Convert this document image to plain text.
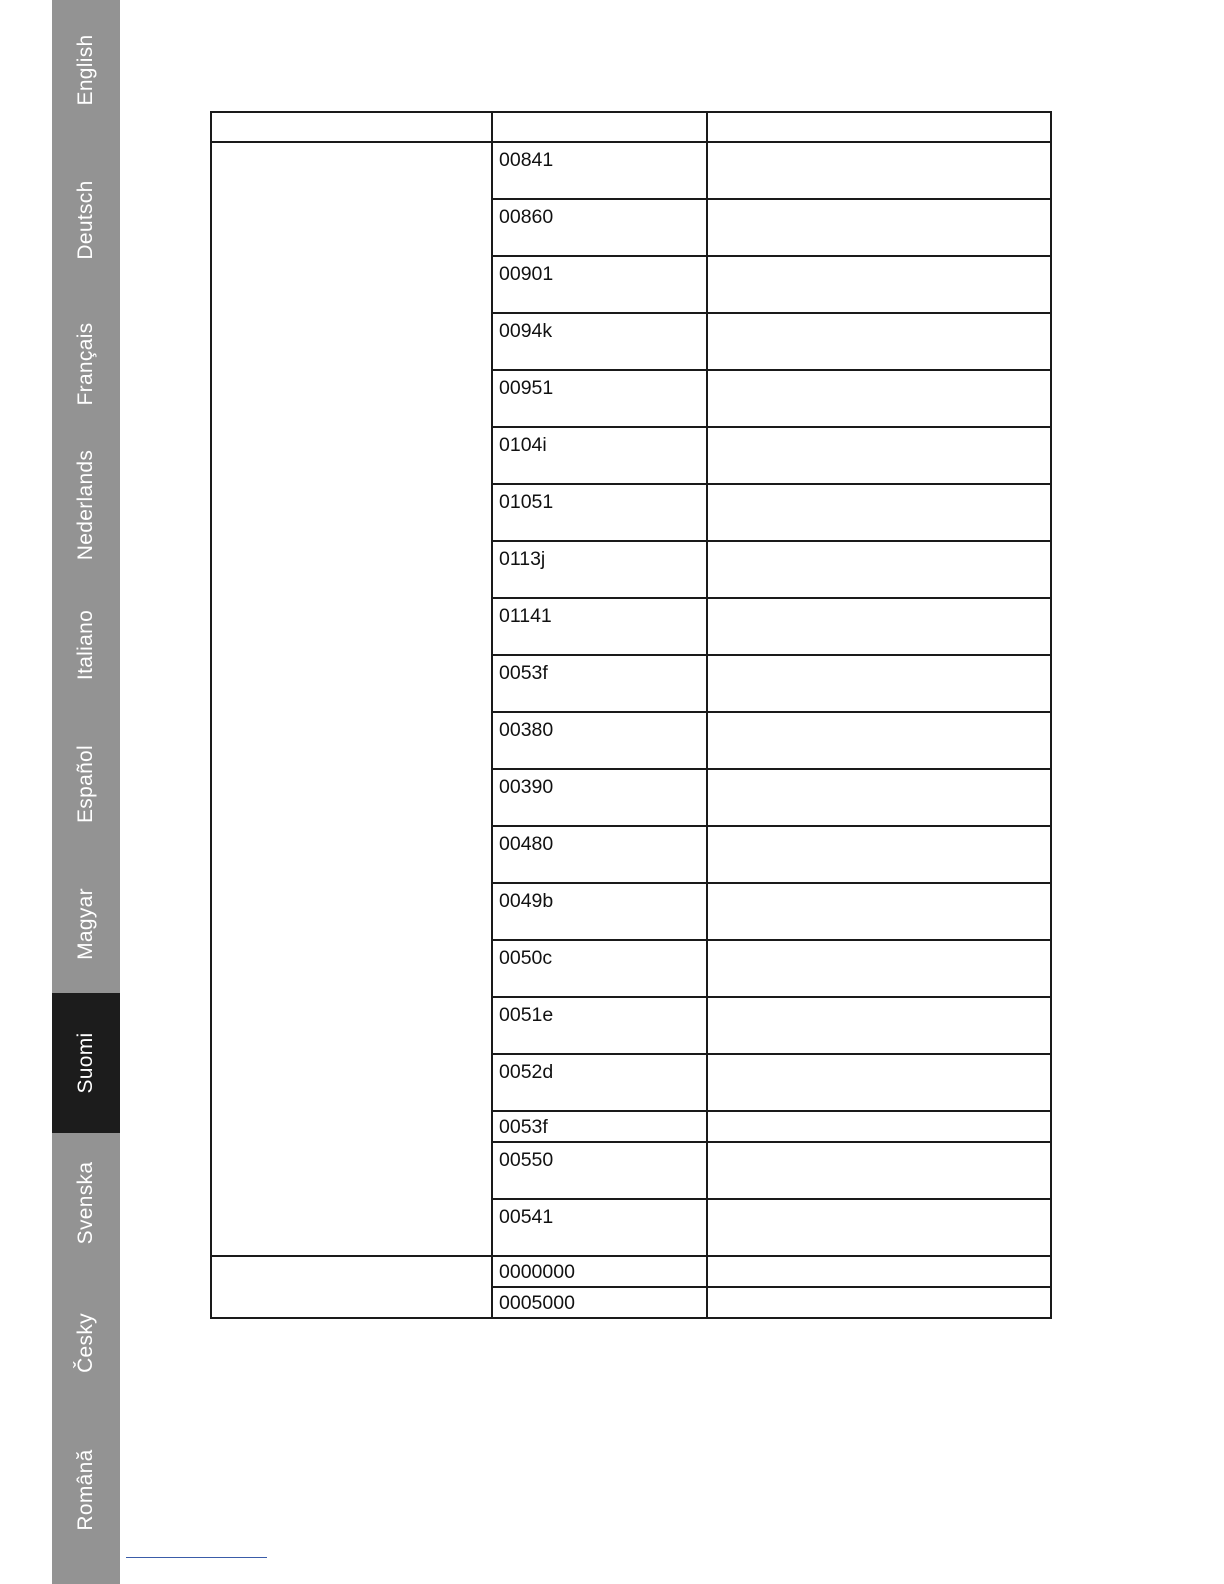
English
Deutsch
Français
Nederlands
Italiano
Español
Magyar
Suomi
Svenska
Česky
Română

	00841	

	00860	

	00901	

	0094k	

	00951	

	0104i	

	01051	

	0113j	

	01141	

	0053f	

	00380	

	00390	

	00480	

	0049b	

	0050c	

	0051e	

	0052d	

	0053f	

	00550	

	00541	

	0000000	

	0005000	
